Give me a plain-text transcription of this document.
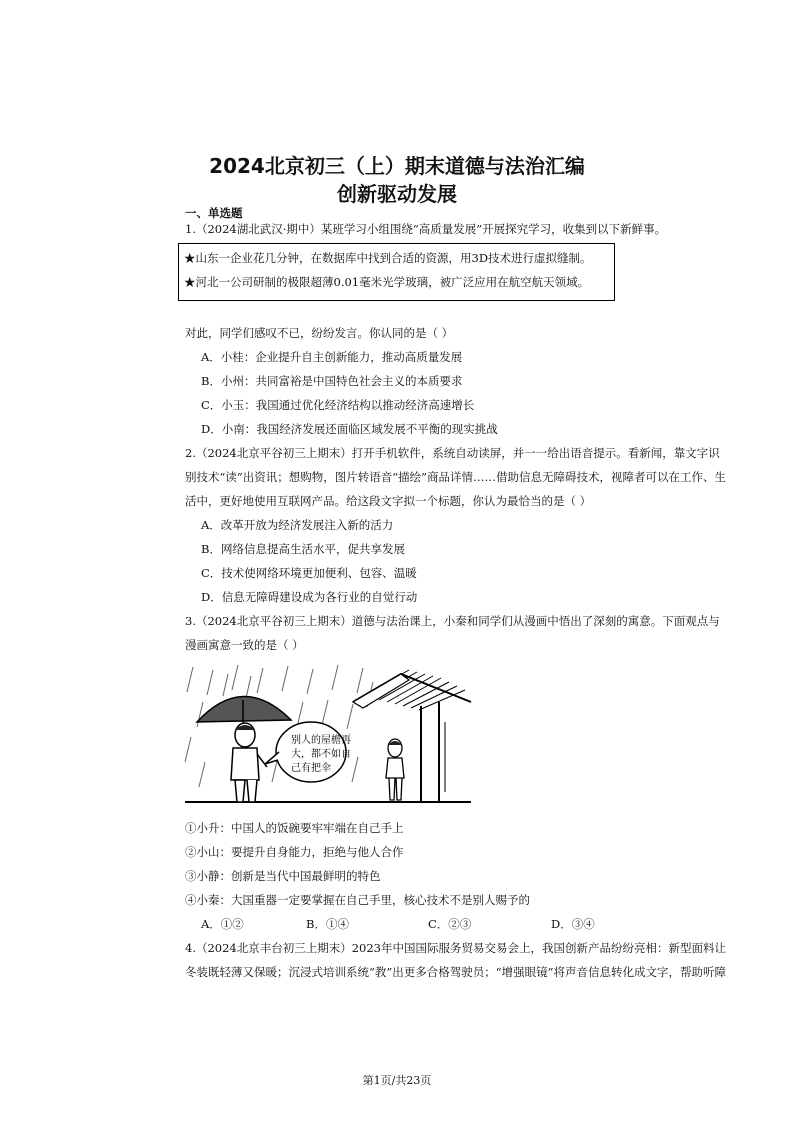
2024北京初三（上）期末道德与法治汇编
创新驱动发展
一、单选题
1.（2024湖北武汉·期中）某班学习小组围绕“高质量发展”开展探究学习，收集到以下新鲜事。
★山东一企业花几分钟，在数据库中找到合适的资源，用3D技术进行虚拟缝制。
★河北一公司研制的极限超薄0.01毫米光学玻璃，被广泛应用在航空航天领域。
对此，同学们感叹不已，纷纷发言。你认同的是（ ）
A．小桂：企业提升自主创新能力，推动高质量发展
B．小州：共同富裕是中国特色社会主义的本质要求
C．小玉：我国通过优化经济结构以推动经济高速增长
D．小南：我国经济发展还面临区域发展不平衡的现实挑战
2.（2024北京平谷初三上期末）打开手机软件，系统自动读屏，并一一给出语音提示。看新闻，靠文字识
别技术“读”出资讯；想购物，图片转语音“描绘”商品详情……借助信息无障碍技术，视障者可以在工作、生
活中，更好地使用互联网产品。给这段文字拟一个标题，你认为最恰当的是（ ）
A．改革开放为经济发展注入新的活力
B．网络信息提高生活水平，促共享发展
C．技术使网络环境更加便利、包容、温暖
D．信息无障碍建设成为各行业的自觉行动
3.（2024北京平谷初三上期末）道德与法治课上，小秦和同学们从漫画中悟出了深刻的寓意。下面观点与
漫画寓意一致的是（ ）
别人的屋檐再
大，都不如自
己有把伞
①小升：中国人的饭碗要牢牢端在自己手上
②小山：要提升自身能力，拒绝与他人合作
③小静：创新是当代中国最鲜明的特色
④小秦：大国重器一定要掌握在自己手里，核心技术不是别人赐予的
A．①②	B．①④	C．②③	D．③④
4.（2024北京丰台初三上期末）2023年中国国际服务贸易交易会上，我国创新产品纷纷亮相：新型面料让
冬装既轻薄又保暖；沉浸式培训系统“教”出更多合格驾驶员；“增强眼镜”将声音信息转化成文字，帮助听障
第1页/共23页
